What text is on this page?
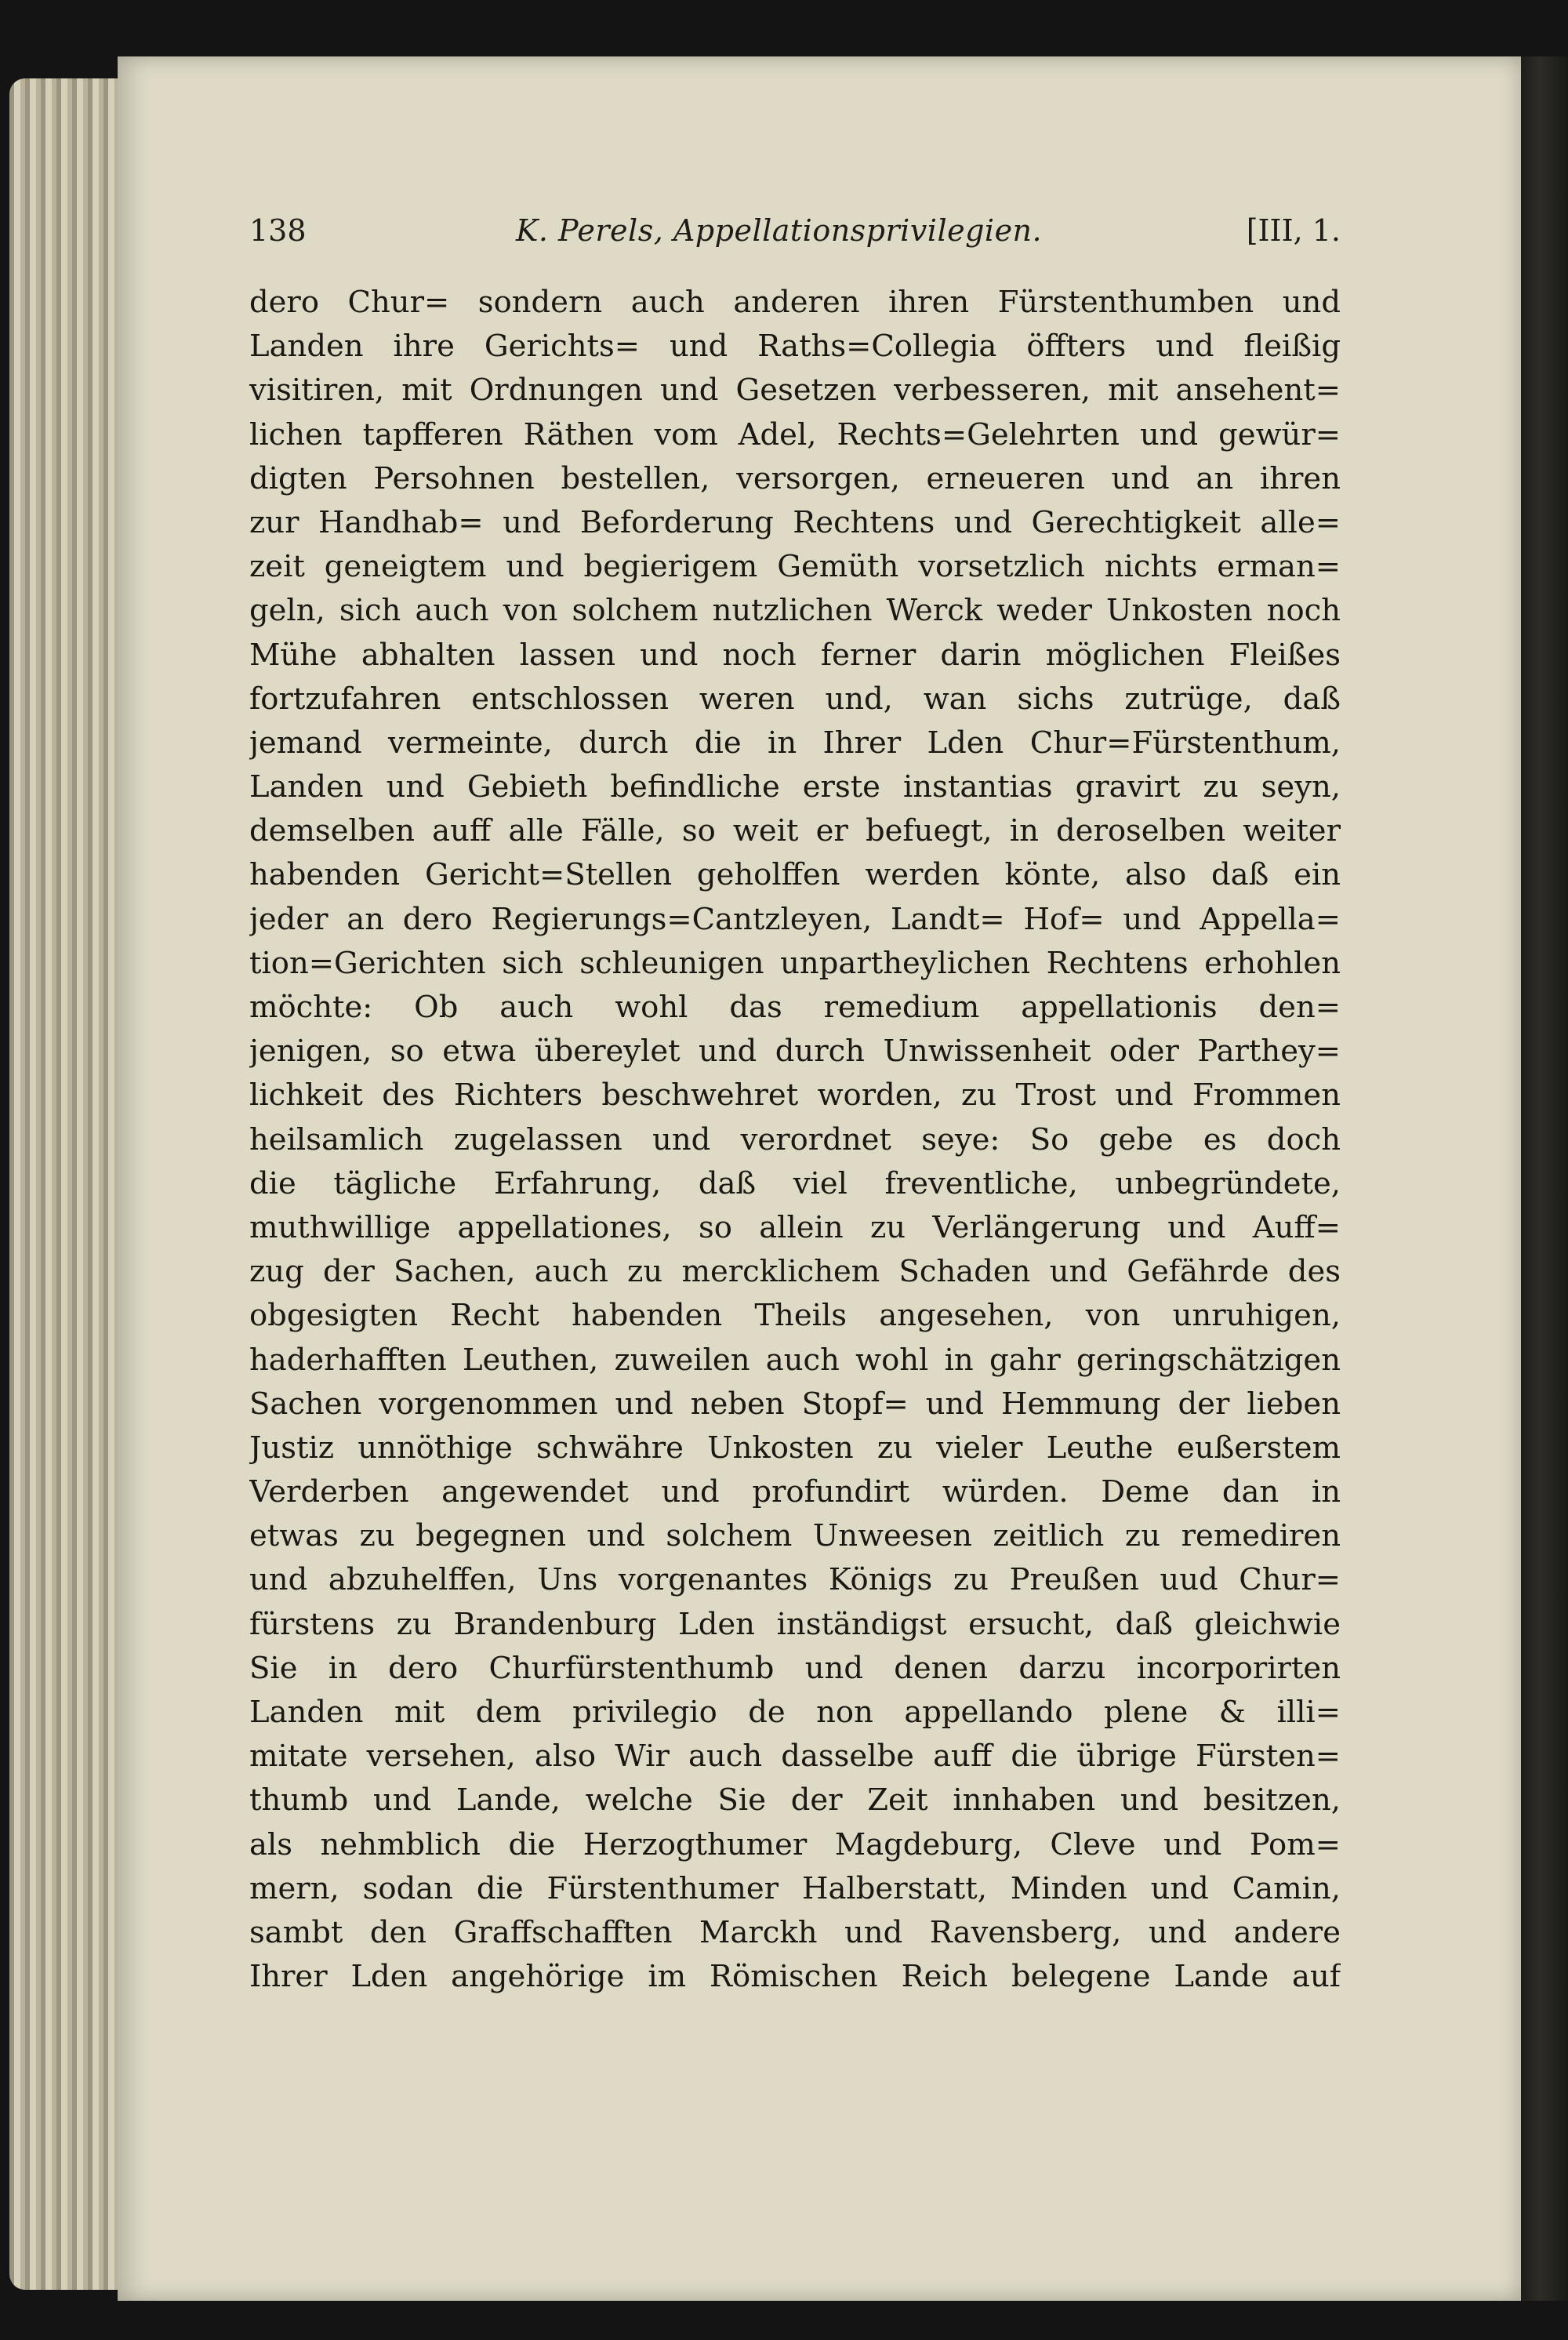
138	K. Perels, Appellationsprivilegien.	[III, 1.
dero Chur= sondern auch anderen ihren Fürstenthumben und
Landen ihre Gerichts= und Raths=Collegia öffters und fleißig
visitiren, mit Ordnungen und Gesetzen verbesseren, mit ansehent=
lichen tapfferen Räthen vom Adel, Rechts=Gelehrten und gewür=
digten Persohnen bestellen, versorgen, erneueren und an ihren
zur Handhab= und Beforderung Rechtens und Gerechtigkeit alle=
zeit geneigtem und begierigem Gemüth vorsetzlich nichts erman=
geln, sich auch von solchem nutzlichen Werck weder Unkosten noch
Mühe abhalten lassen und noch ferner darin möglichen Fleißes
fortzufahren entschlossen weren und, wan sichs zutrüge, daß
jemand vermeinte, durch die in Ihrer Lden Chur=Fürstenthum,
Landen und Gebieth befindliche erste instantias gravirt zu seyn,
demselben auff alle Fälle, so weit er befuegt, in deroselben weiter
habenden Gericht=Stellen geholffen werden könte, also daß ein
jeder an dero Regierungs=Cantzleyen, Landt= Hof= und Appella=
tion=Gerichten sich schleunigen unpartheylichen Rechtens erhohlen
möchte: Ob auch wohl das remedium appellationis den=
jenigen, so etwa übereylet und durch Unwissenheit oder Parthey=
lichkeit des Richters beschwehret worden, zu Trost und Frommen
heilsamlich zugelassen und verordnet seye: So gebe es doch
die tägliche Erfahrung, daß viel freventliche, unbegründete,
muthwillige appellationes, so allein zu Verlängerung und Auff=
zug der Sachen, auch zu mercklichem Schaden und Gefährde des
obgesigten Recht habenden Theils angesehen, von unruhigen,
haderhafften Leuthen, zuweilen auch wohl in gahr geringschätzigen
Sachen vorgenommen und neben Stopf= und Hemmung der lieben
Justiz unnöthige schwähre Unkosten zu vieler Leuthe eußerstem
Verderben angewendet und profundirt würden. Deme dan in
etwas zu begegnen und solchem Unweesen zeitlich zu remediren
und abzuhelffen, Uns vorgenantes Königs zu Preußen uud Chur=
fürstens zu Brandenburg Lden inständigst ersucht, daß gleichwie
Sie in dero Churfürstenthumb und denen darzu incorporirten
Landen mit dem privilegio de non appellando plene & illi=
mitate versehen, also Wir auch dasselbe auff die übrige Fürsten=
thumb und Lande, welche Sie der Zeit innhaben und besitzen,
als nehmblich die Herzogthumer Magdeburg, Cleve und Pom=
mern, sodan die Fürstenthumer Halberstatt, Minden und Camin,
sambt den Graffschafften Marckh und Ravensberg, und andere
Ihrer Lden angehörige im Römischen Reich belegene Lande auf
